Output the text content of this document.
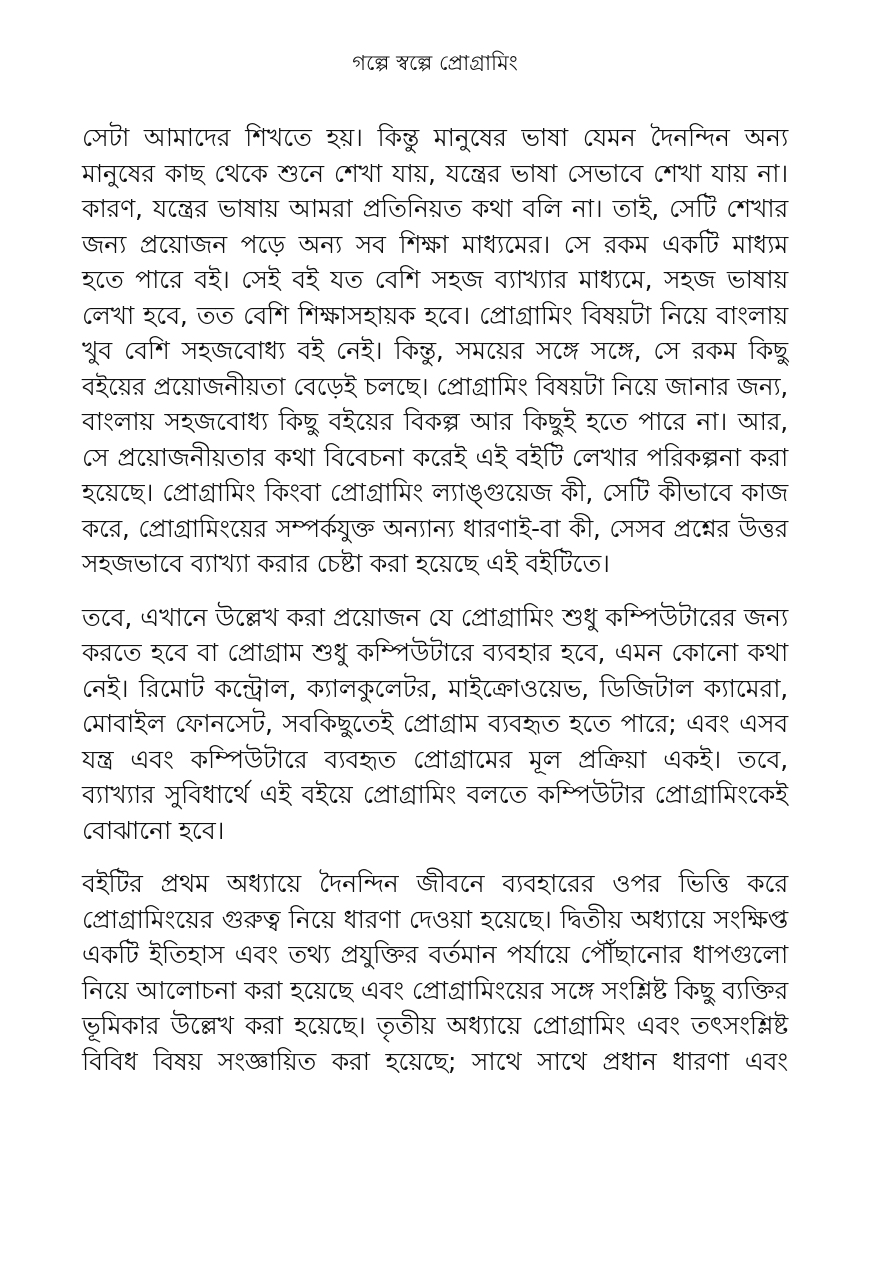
গল্পে স্বল্পে প্রোগ্রামিং
সেটা আমাদের শিখতে হয়। কিন্তু মানুষের ভাষা যেমন দৈনন্দিন অন্য
মানুষের কাছ থেকে শুনে শেখা যায়, যন্ত্রের ভাষা সেভাবে শেখা যায় না।
কারণ, যন্ত্রের ভাষায় আমরা প্রতিনিয়ত কথা বলি না। তাই, সেটি শেখার
জন্য প্রয়োজন পড়ে অন্য সব শিক্ষা মাধ্যমের। সে রকম একটি মাধ্যম
হতে পারে বই। সেই বই যত বেশি সহজ ব্যাখ্যার মাধ্যমে, সহজ ভাষায়
লেখা হবে, তত বেশি শিক্ষাসহায়ক হবে। প্রোগ্রামিং বিষয়টা নিয়ে বাংলায়
খুব বেশি সহজবোধ্য বই নেই। কিন্তু, সময়ের সঙ্গে সঙ্গে, সে রকম কিছু
বইয়ের প্রয়োজনীয়তা বেড়েই চলছে। প্রোগ্রামিং বিষয়টা নিয়ে জানার জন্য,
বাংলায় সহজবোধ্য কিছু বইয়ের বিকল্প আর কিছুই হতে পারে না। আর,
সে প্রয়োজনীয়তার কথা বিবেচনা করেই এই বইটি লেখার পরিকল্পনা করা
হয়েছে। প্রোগ্রামিং কিংবা প্রোগ্রামিং ল্যাঙ্গুয়েজ কী, সেটি কীভাবে কাজ
করে, প্রোগ্রামিংয়ের সম্পর্কযুক্ত অন্যান্য ধারণাই-বা কী, সেসব প্রশ্নের উত্তর
সহজভাবে ব্যাখ্যা করার চেষ্টা করা হয়েছে এই বইটিতে।
তবে, এখানে উল্লেখ করা প্রয়োজন যে প্রোগ্রামিং শুধু কম্পিউটারের জন্য
করতে হবে বা প্রোগ্রাম শুধু কম্পিউটারে ব্যবহার হবে, এমন কোনো কথা
নেই। রিমোট কন্ট্রোল, ক্যালকুলেটর, মাইক্রোওয়েভ, ডিজিটাল ক্যামেরা,
মোবাইল ফোনসেট, সবকিছুতেই প্রোগ্রাম ব্যবহৃত হতে পারে; এবং এসব
যন্ত্র এবং কম্পিউটারে ব্যবহৃত প্রোগ্রামের মূল প্রক্রিয়া একই। তবে,
ব্যাখ্যার সুবিধার্থে এই বইয়ে প্রোগ্রামিং বলতে কম্পিউটার প্রোগ্রামিংকেই
বোঝানো হবে।
বইটির প্রথম অধ্যায়ে দৈনন্দিন জীবনে ব্যবহারের ওপর ভিত্তি করে
প্রোগ্রামিংয়ের গুরুত্ব নিয়ে ধারণা দেওয়া হয়েছে। দ্বিতীয় অধ্যায়ে সংক্ষিপ্ত
একটি ইতিহাস এবং তথ্য প্রযুক্তির বর্তমান পর্যায়ে পৌঁছানোর ধাপগুলো
নিয়ে আলোচনা করা হয়েছে এবং প্রোগ্রামিংয়ের সঙ্গে সংশ্লিষ্ট কিছু ব্যক্তির
ভূমিকার উল্লেখ করা হয়েছে। তৃতীয় অধ্যায়ে প্রোগ্রামিং এবং তৎসংশ্লিষ্ট
বিবিধ বিষয় সংজ্ঞায়িত করা হয়েছে; সাথে সাথে প্রধান ধারণা এবং
